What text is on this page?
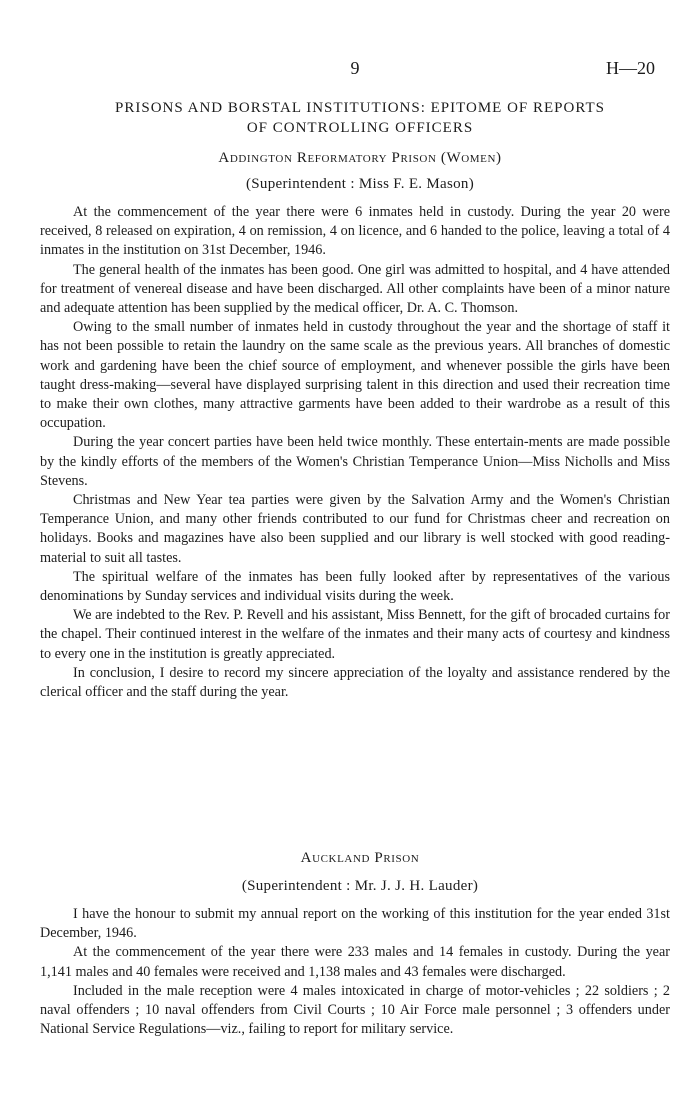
9	H—20
PRISONS AND BORSTAL INSTITUTIONS: EPITOME OF REPORTS
OF CONTROLLING OFFICERS
Addington Reformatory Prison (Women)
(Superintendent : Miss F. E. Mason)

At the commencement of the year there were 6 inmates held in custody. During the year 20 were received, 8 released on expiration, 4 on remission, 4 on licence, and 6 handed to the police, leaving a total of 4 inmates in the institution on 31st December, 1946.

The general health of the inmates has been good. One girl was admitted to hospital, and 4 have attended for treatment of venereal disease and have been discharged. All other complaints have been of a minor nature and adequate attention has been supplied by the medical officer, Dr. A. C. Thomson.

Owing to the small number of inmates held in custody throughout the year and the shortage of staff it has not been possible to retain the laundry on the same scale as the previous years. All branches of domestic work and gardening have been the chief source of employment, and whenever possible the girls have been taught dress-making—several have displayed surprising talent in this direction and used their recreation time to make their own clothes, many attractive garments have been added to their wardrobe as a result of this occupation.

During the year concert parties have been held twice monthly. These entertain-ments are made possible by the kindly efforts of the members of the Women's Christian Temperance Union—Miss Nicholls and Miss Stevens.

Christmas and New Year tea parties were given by the Salvation Army and the Women's Christian Temperance Union, and many other friends contributed to our fund for Christmas cheer and recreation on holidays. Books and magazines have also been supplied and our library is well stocked with good reading-material to suit all tastes.

The spiritual welfare of the inmates has been fully looked after by representatives of the various denominations by Sunday services and individual visits during the week.

We are indebted to the Rev. P. Revell and his assistant, Miss Bennett, for the gift of brocaded curtains for the chapel. Their continued interest in the welfare of the inmates and their many acts of courtesy and kindness to every one in the institution is greatly appreciated.

In conclusion, I desire to record my sincere appreciation of the loyalty and assistance rendered by the clerical officer and the staff during the year.

Auckland Prison
(Superintendent : Mr. J. J. H. Lauder)

I have the honour to submit my annual report on the working of this institution for the year ended 31st December, 1946.

At the commencement of the year there were 233 males and 14 females in custody. During the year 1,141 males and 40 females were received and 1,138 males and 43 females were discharged.

Included in the male reception were 4 males intoxicated in charge of motor-vehicles ; 22 soldiers ; 2 naval offenders ; 10 naval offenders from Civil Courts ; 10 Air Force male personnel ; 3 offenders under National Service Regulations—viz., failing to report for military service.
